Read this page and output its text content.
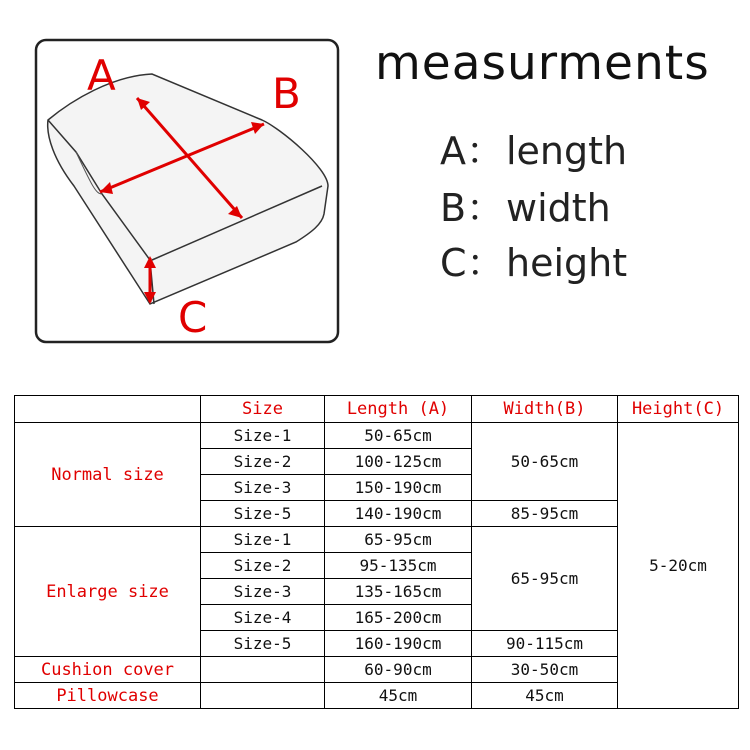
A	B
C
measurments
A：length
B：width
C：height
	Size	Length (A)	Width(B)	Height(C)
Normal size	Size-1	50-65cm	50-65cm	5-20cm
	Size-2	100-125cm		
	Size-3	150-190cm		
	Size-5	140-190cm	85-95cm	
Enlarge size	Size-1	65-95cm	65-95cm	
	Size-2	95-135cm		
	Size-3	135-165cm		
	Size-4	165-200cm		
	Size-5	160-190cm	90-115cm	
Cushion cover		60-90cm	30-50cm	
Pillowcase		45cm	45cm	
